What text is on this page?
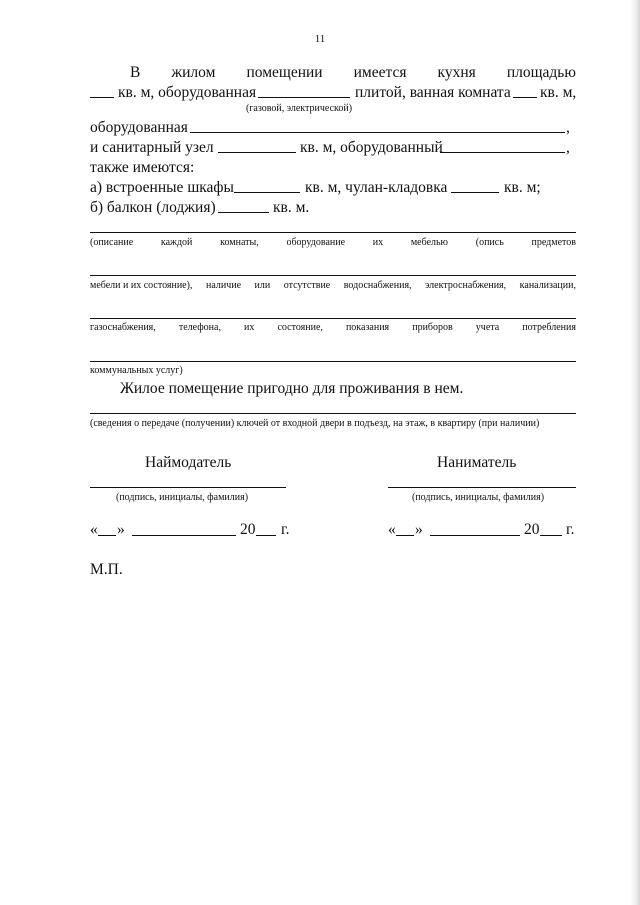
11
В жилом помещении имеется кухня площадью
кв. м, оборудованная	плитой, ванная комната кв. м,
(газовой, электрической)
оборудованная	,
и санитарный узел	кв. м, оборудованный	,
также имеются:
а) встроенные шкафы	кв. м, чулан-кладовка	кв. м;
б) балкон (лоджия)	кв. м.
(описание	каждой	комнаты,	оборудование	их	мебелью	(опись	предметов
мебели и их состояние), наличие или отсутствие водоснабжения, электроснабжения, канализации,
газоснабжения, телефона, их состояние, показания приборов учета потребления
коммунальных услуг)
Жилое помещение пригодно для проживания в нем.
(сведения о передаче (получении) ключей от входной двери в подъезд, на этаж, в квартиру (при наличии)
Наймодатель
(подпись, инициалы, фамилия)
« »	20 г.
Наниматель
(подпись, инициалы, фамилия)
« »	20 г.
М.П.
